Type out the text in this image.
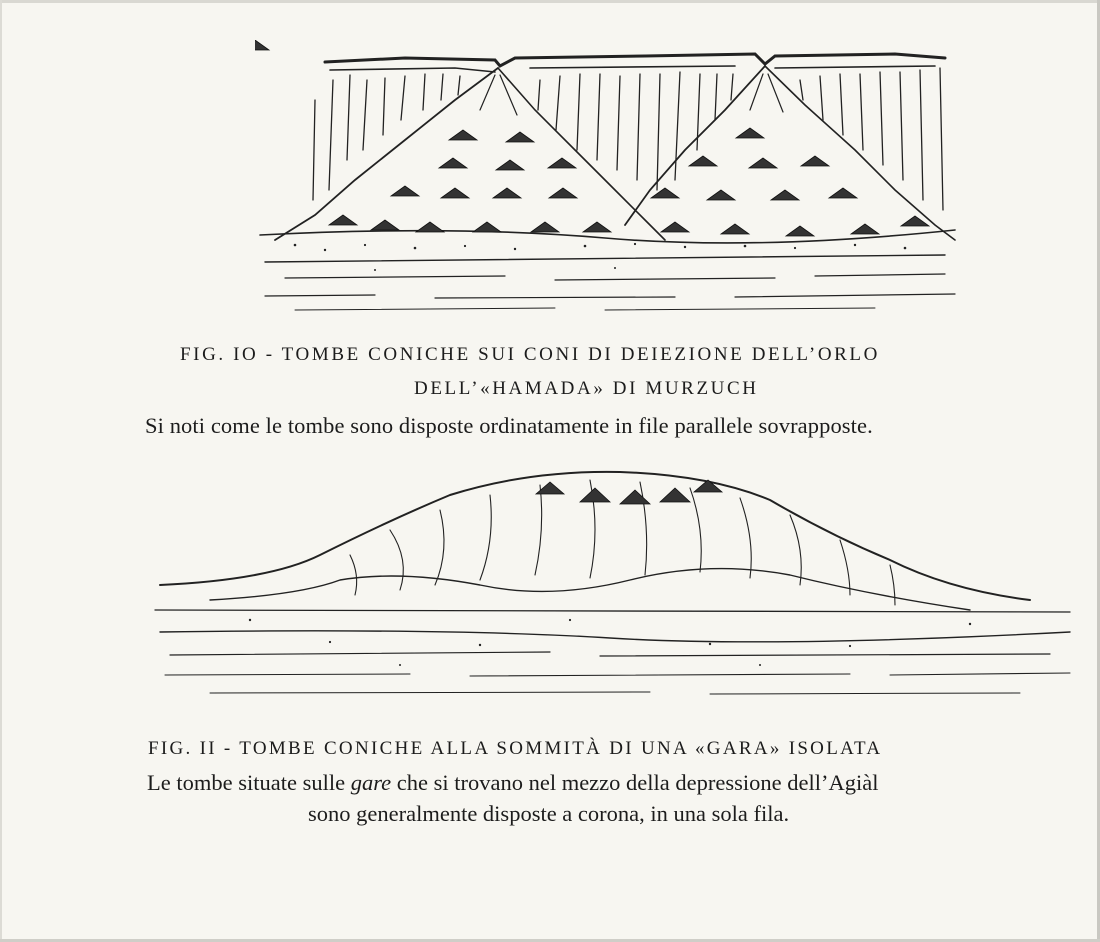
FIG. IO - TOMBE CONICHE SUI CONI DI DEIEZIONE DELL’ORLO
DELL’«HAMADA» DI MURZUCH
Si noti come le tombe sono disposte ordinatamente in file parallele sovrapposte.
FIG. II - TOMBE CONICHE ALLA SOMMITÀ DI UNA «GARA» ISOLATA
Le tombe situate sulle gare che si trovano nel mezzo della depressione dell’Agiàl
sono generalmente disposte a corona, in una sola fila.
